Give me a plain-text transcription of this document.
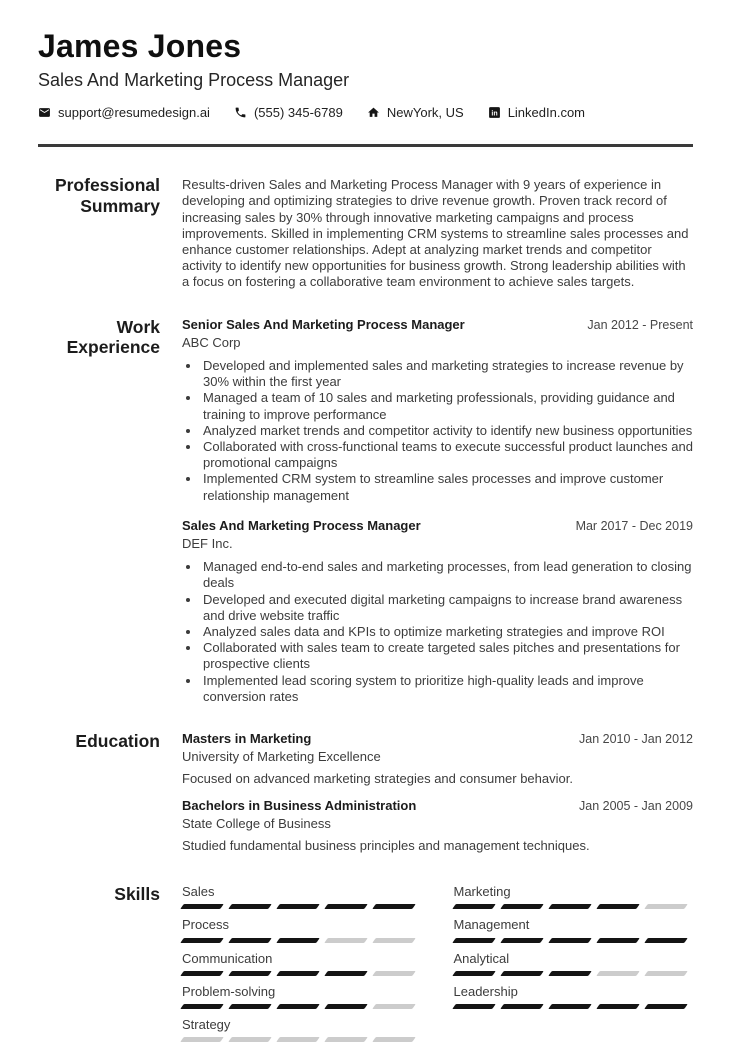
James Jones
Sales And Marketing Process Manager
support@resumedesign.ai	(555) 345-6789	NewYork, US in LinkedIn.com
Professional Summary

Results-driven Sales and Marketing Process Manager with 9 years of experience in developing and optimizing strategies to drive revenue growth. Proven track record of increasing sales by 30% through innovative marketing campaigns and process improvements. Skilled in implementing CRM systems to streamline sales processes and enhance customer relationships. Adept at analyzing market trends and competitor activity to identify new opportunities for business growth. Strong leadership abilities with a focus on fostering a collaborative team environment to achieve sales targets.

Work Experience
Senior Sales And Marketing Process Manager	Jan 2012 - Present
ABC Corp
• Developed and implemented sales and marketing strategies to increase revenue by 30% within the first year
• Managed a team of 10 sales and marketing professionals, providing guidance and training to improve performance
• Analyzed market trends and competitor activity to identify new business opportunities
• Collaborated with cross-functional teams to execute successful product launches and promotional campaigns
• Implemented CRM system to streamline sales processes and improve customer relationship management
Sales And Marketing Process Manager	Mar 2017 - Dec 2019
DEF Inc.
• Managed end-to-end sales and marketing processes, from lead generation to closing deals
• Developed and executed digital marketing campaigns to increase brand awareness and drive website traffic
• Analyzed sales data and KPIs to optimize marketing strategies and improve ROI
• Collaborated with sales team to create targeted sales pitches and presentations for prospective clients
• Implemented lead scoring system to prioritize high-quality leads and improve conversion rates
Education Masters in Marketing	Jan 2010 - Jan 2012
University of Marketing Excellence
Focused on advanced marketing strategies and consumer behavior.
Bachelors in Business Administration	Jan 2005 - Jan 2009
State College of Business
Studied fundamental business principles and management techniques.
Skills Sales	Marketing
Process	Management
Communication	Analytical
Problem-solving	Leadership
Strategy
